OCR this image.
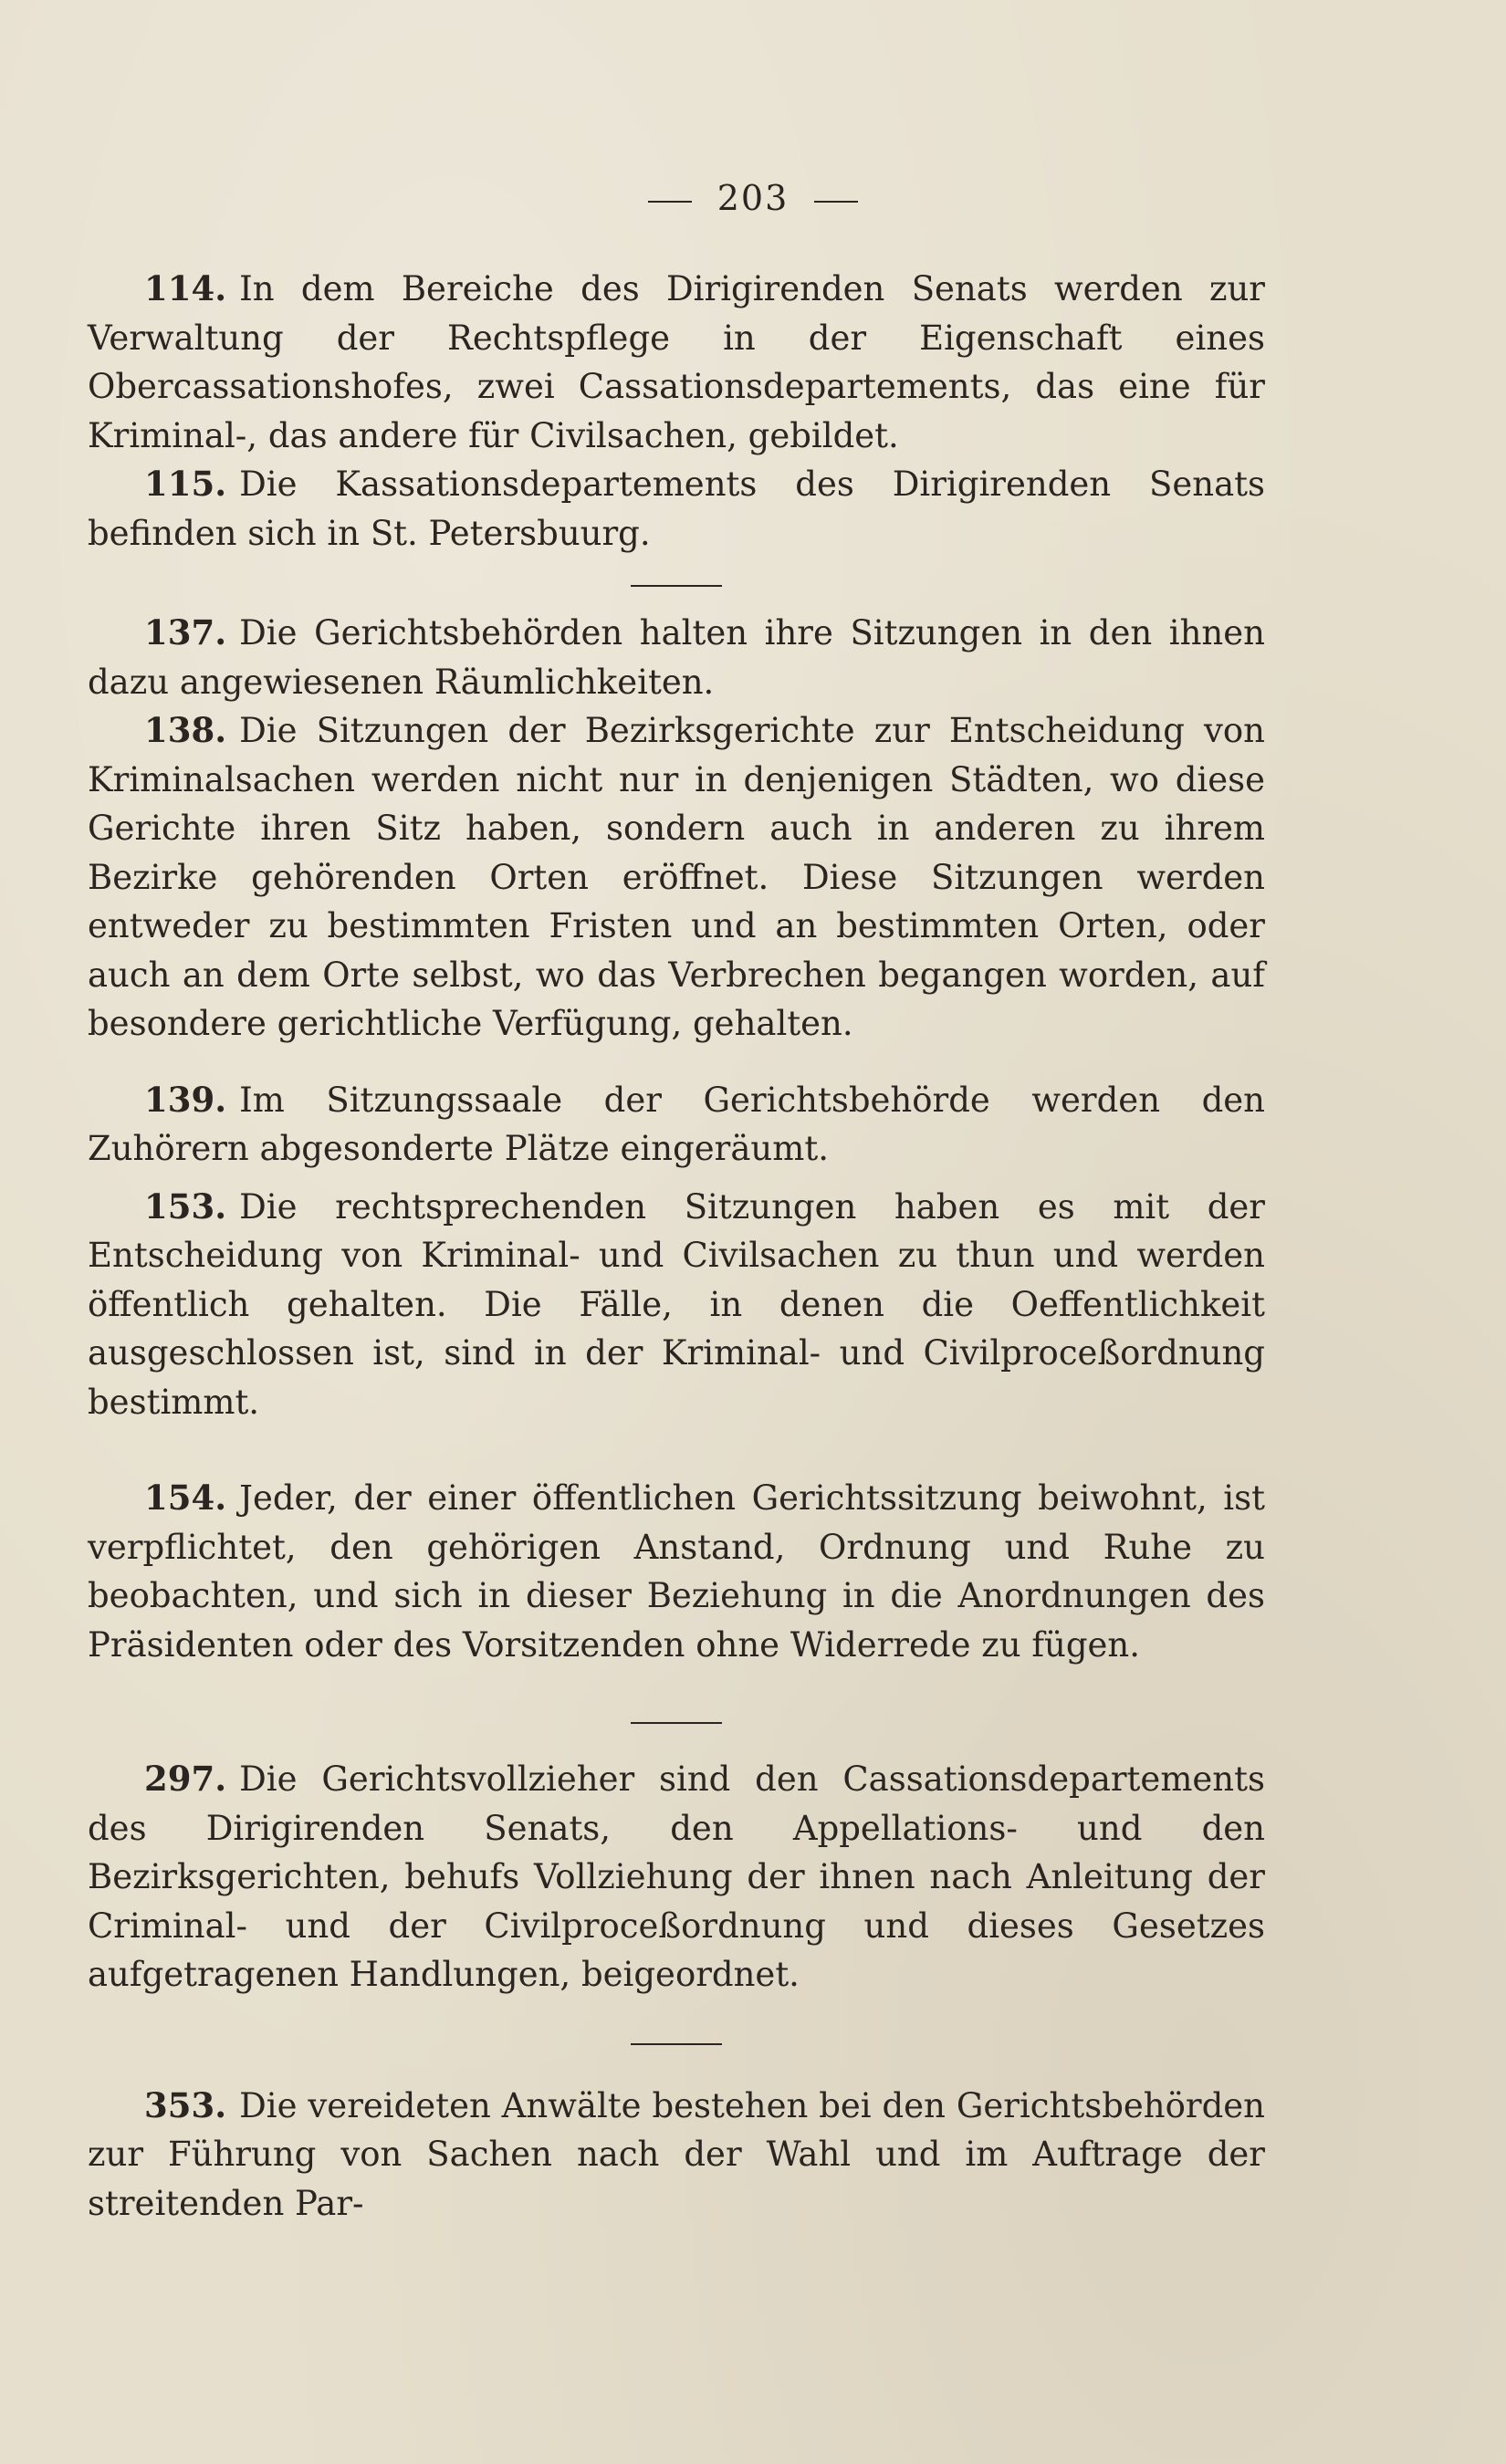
203

114. In dem Bereiche des Dirigirenden Senats werden zur Verwaltung der Rechtspflege in der Eigenschaft eines Obercassationshofes, zwei Cassationsdepartements, das eine für Kriminal-, das andere für Civilsachen, gebildet.

115. Die Kassationsdepartements des Dirigirenden Senats befinden sich in St. Petersbuurg.

137. Die Gerichtsbehörden halten ihre Sitzungen in den ihnen dazu angewiesenen Räumlichkeiten.

138. Die Sitzungen der Bezirksgerichte zur Entscheidung von Kriminalsachen werden nicht nur in denjenigen Städten, wo diese Gerichte ihren Sitz haben, sondern auch in anderen zu ihrem Bezirke gehörenden Orten eröffnet. Diese Sitzungen werden entweder zu bestimmten Fristen und an bestimmten Orten, oder auch an dem Orte selbst, wo das Verbrechen begangen worden, auf besondere gerichtliche Verfügung, gehalten.

139. Im Sitzungssaale der Gerichtsbehörde werden den Zuhörern abgesonderte Plätze eingeräumt.

153. Die rechtsprechenden Sitzungen haben es mit der Entscheidung von Kriminal- und Civilsachen zu thun und werden öffentlich gehalten. Die Fälle, in denen die Oeffentlichkeit ausgeschlossen ist, sind in der Kriminal- und Civilproceßordnung bestimmt.

154. Jeder, der einer öffentlichen Gerichtssitzung beiwohnt, ist verpflichtet, den gehörigen Anstand, Ordnung und Ruhe zu beobachten, und sich in dieser Beziehung in die Anordnungen des Präsidenten oder des Vorsitzenden ohne Widerrede zu fügen.

297. Die Gerichtsvollzieher sind den Cassationsdepartements des Dirigirenden Senats, den Appellations- und den Bezirksgerichten, behufs Vollziehung der ihnen nach Anleitung der Criminal- und der Civilproceßordnung und dieses Gesetzes aufgetragenen Handlungen, beigeordnet.

353. Die vereideten Anwälte bestehen bei den Gerichtsbehörden zur Führung von Sachen nach der Wahl und im Auftrage der streitenden Par-
